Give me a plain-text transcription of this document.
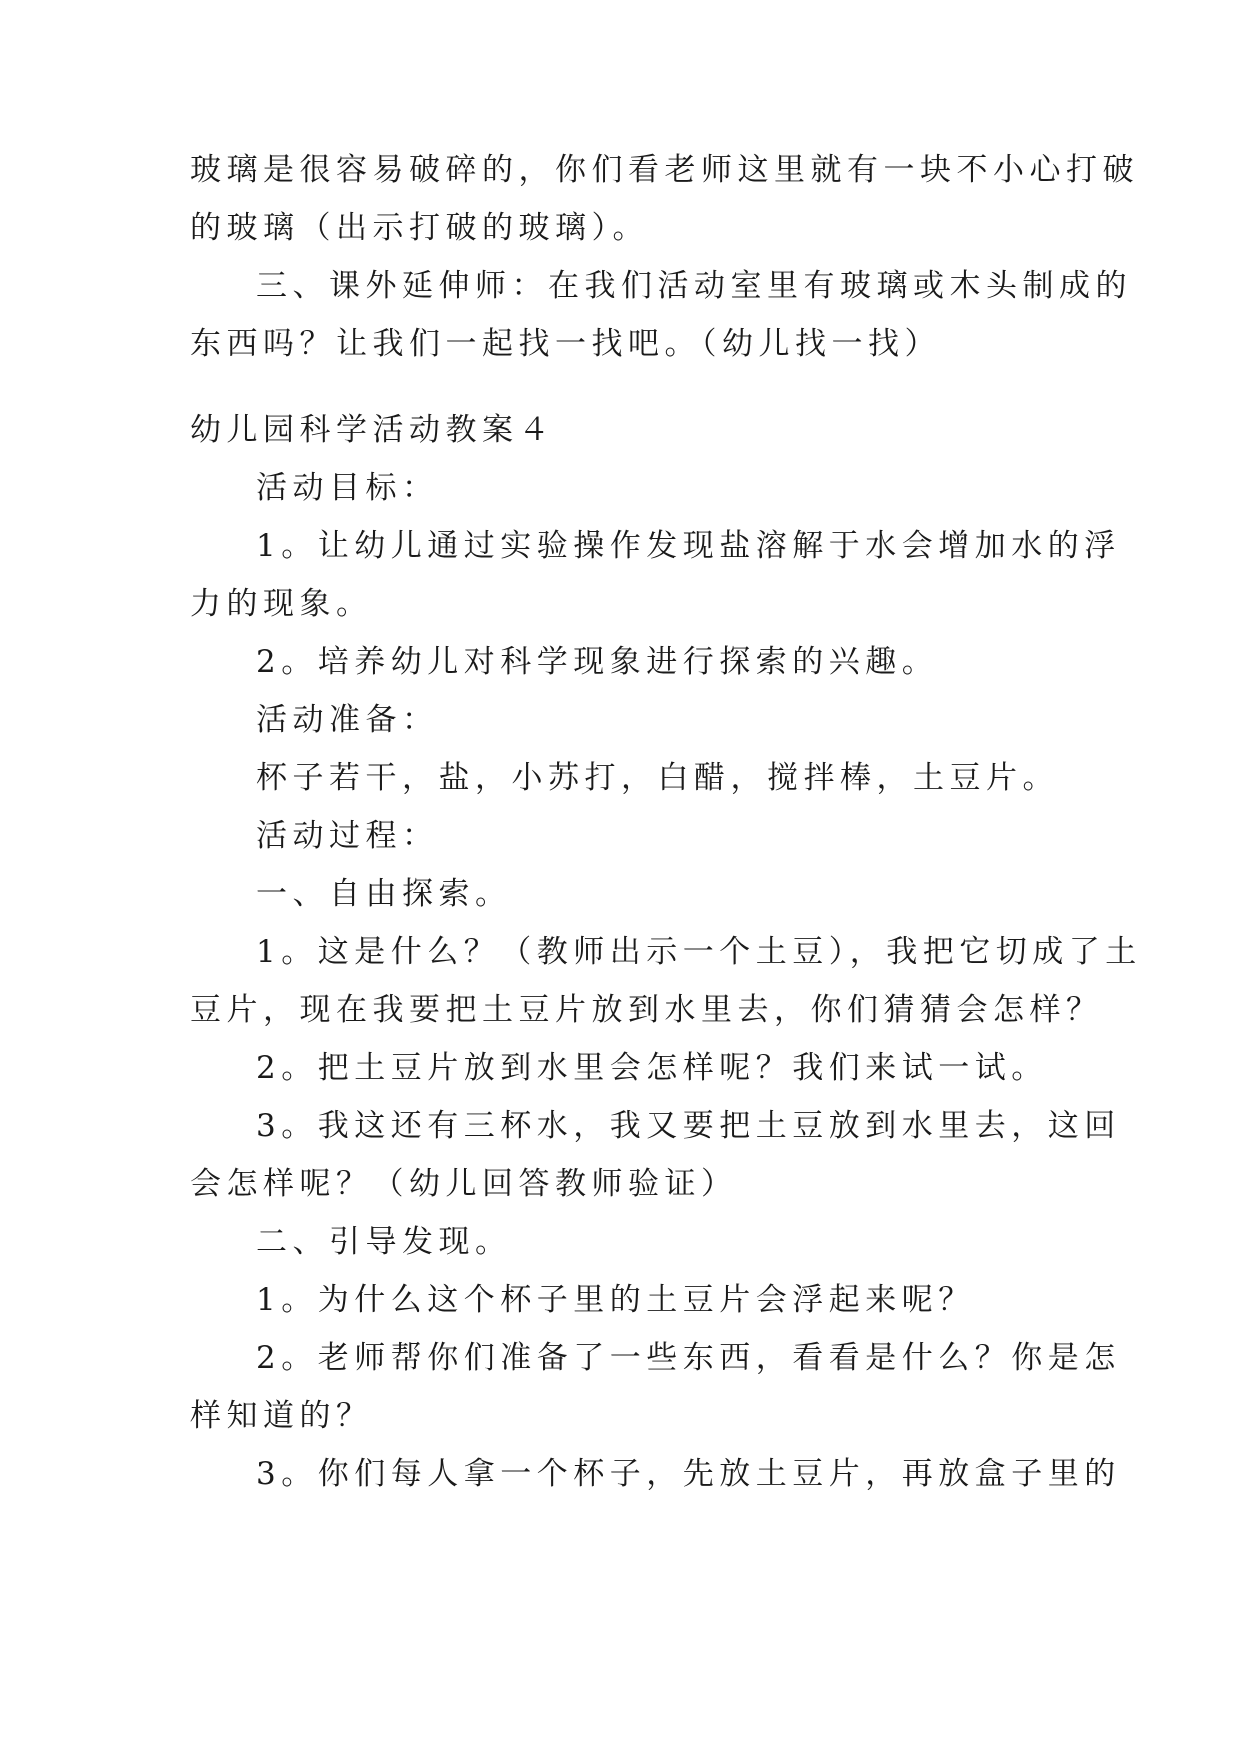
玻璃是很容易破碎的，你们看老师这里就有一块不小心打破
的玻璃（出示打破的玻璃）。
三、课外延伸师：在我们活动室里有玻璃或木头制成的
东西吗？让我们一起找一找吧。（幼儿找一找）
幼儿园科学活动教案４
活动目标：
1。让幼儿通过实验操作发现盐溶解于水会增加水的浮
力的现象。
2。培养幼儿对科学现象进行探索的兴趣。
活动准备：
杯子若干，盐，小苏打，白醋，搅拌棒，土豆片。
活动过程：
一、自由探索。
1。这是什么？（教师出示一个土豆），我把它切成了土
豆片，现在我要把土豆片放到水里去，你们猜猜会怎样？
2。把土豆片放到水里会怎样呢？我们来试一试。
3。我这还有三杯水，我又要把土豆放到水里去，这回
会怎样呢？（幼儿回答教师验证）
二、引导发现。
1。为什么这个杯子里的土豆片会浮起来呢？
2。老师帮你们准备了一些东西，看看是什么？你是怎
样知道的？
3。你们每人拿一个杯子，先放土豆片，再放盒子里的
